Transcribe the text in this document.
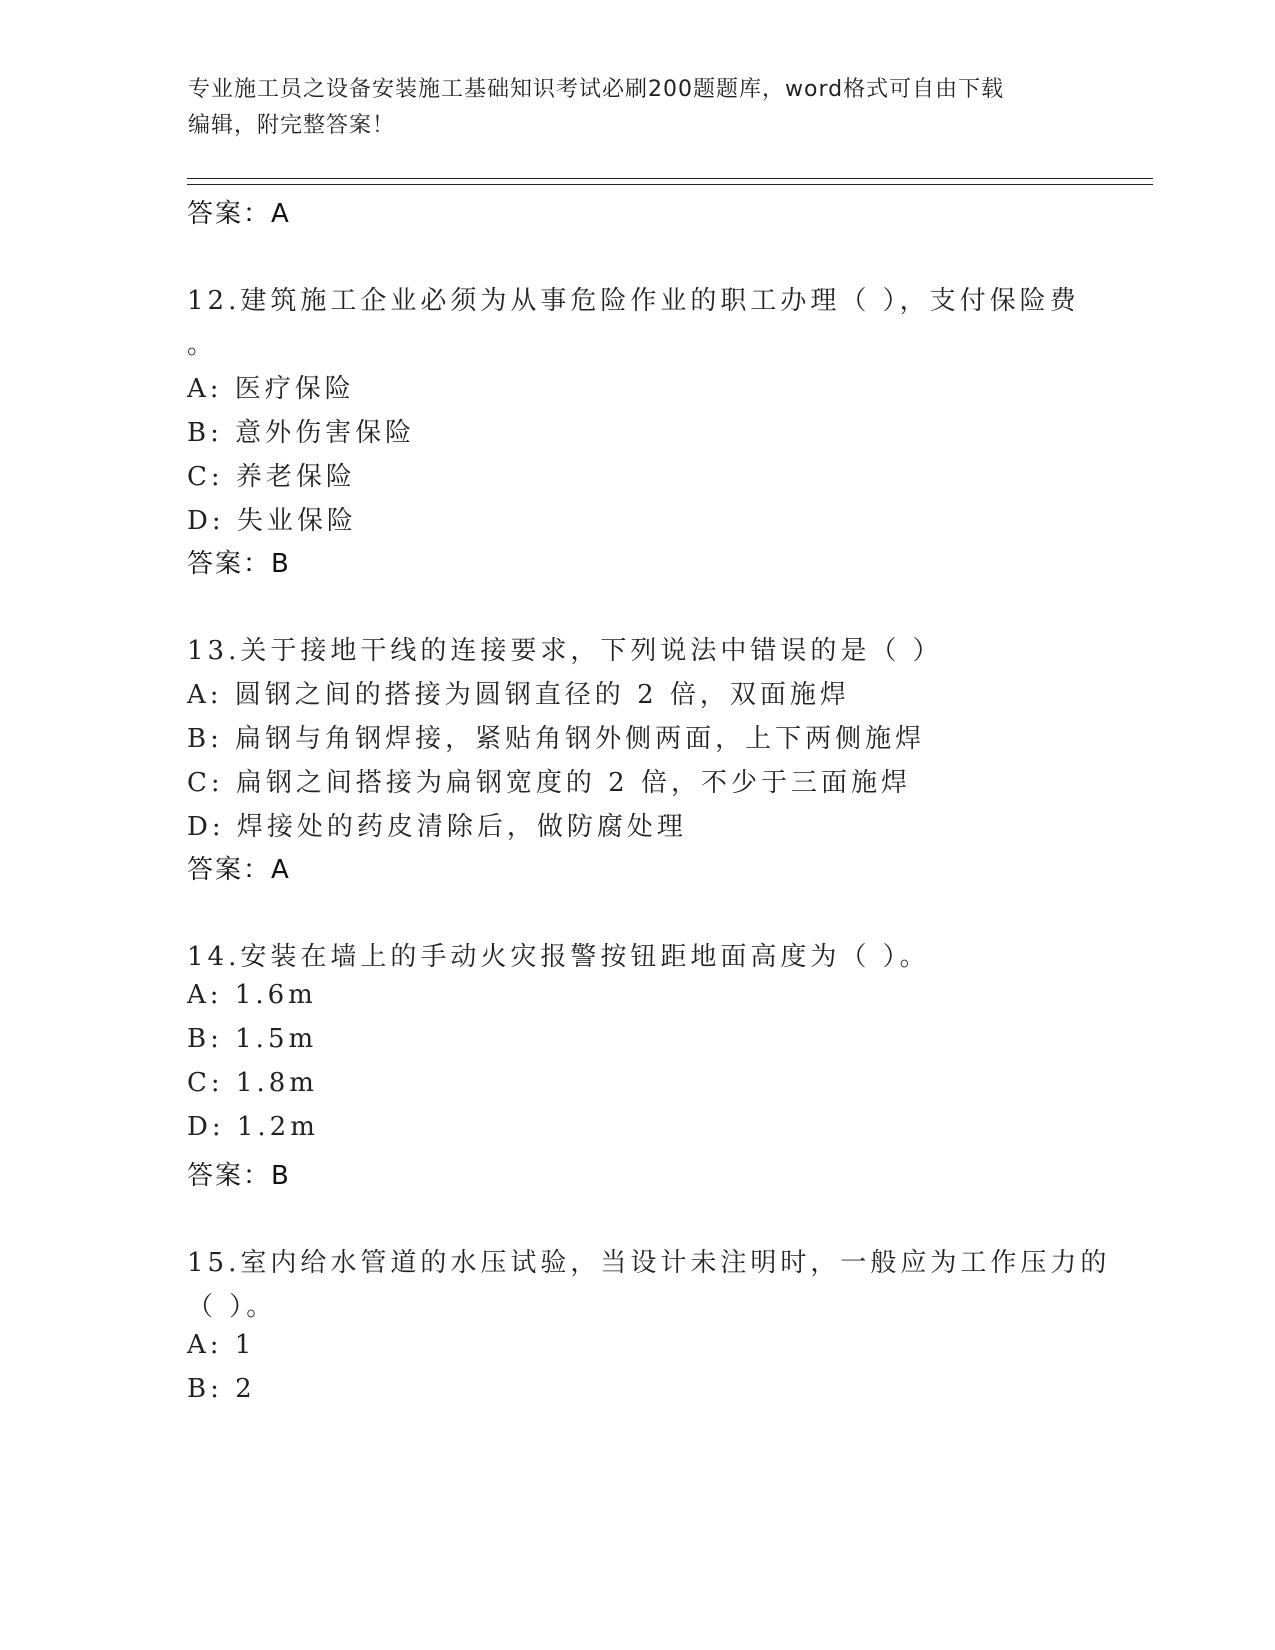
专业施工员之设备安装施工基础知识考试必刷200题题库，word格式可自由下载
编辑，附完整答案！
答案：A
12.建筑施工企业必须为从事危险作业的职工办理（ ），支付保险费
。
A: 医疗保险
B: 意外伤害保险
C: 养老保险
D: 失业保险
答案：B
13.关于接地干线的连接要求，下列说法中错误的是（ ）
A: 圆钢之间的搭接为圆钢直径的 2 倍，双面施焊
B: 扁钢与角钢焊接，紧贴角钢外侧两面，上下两侧施焊
C: 扁钢之间搭接为扁钢宽度的 2 倍，不少于三面施焊
D: 焊接处的药皮清除后，做防腐处理
答案：A
14.安装在墙上的手动火灾报警按钮距地面高度为（ ）。
A: 1.6m
B: 1.5m
C: 1.8m
D: 1.2m
答案：B
15.室内给水管道的水压试验，当设计未注明时，一般应为工作压力的
（ ）。
A: 1
B: 2
